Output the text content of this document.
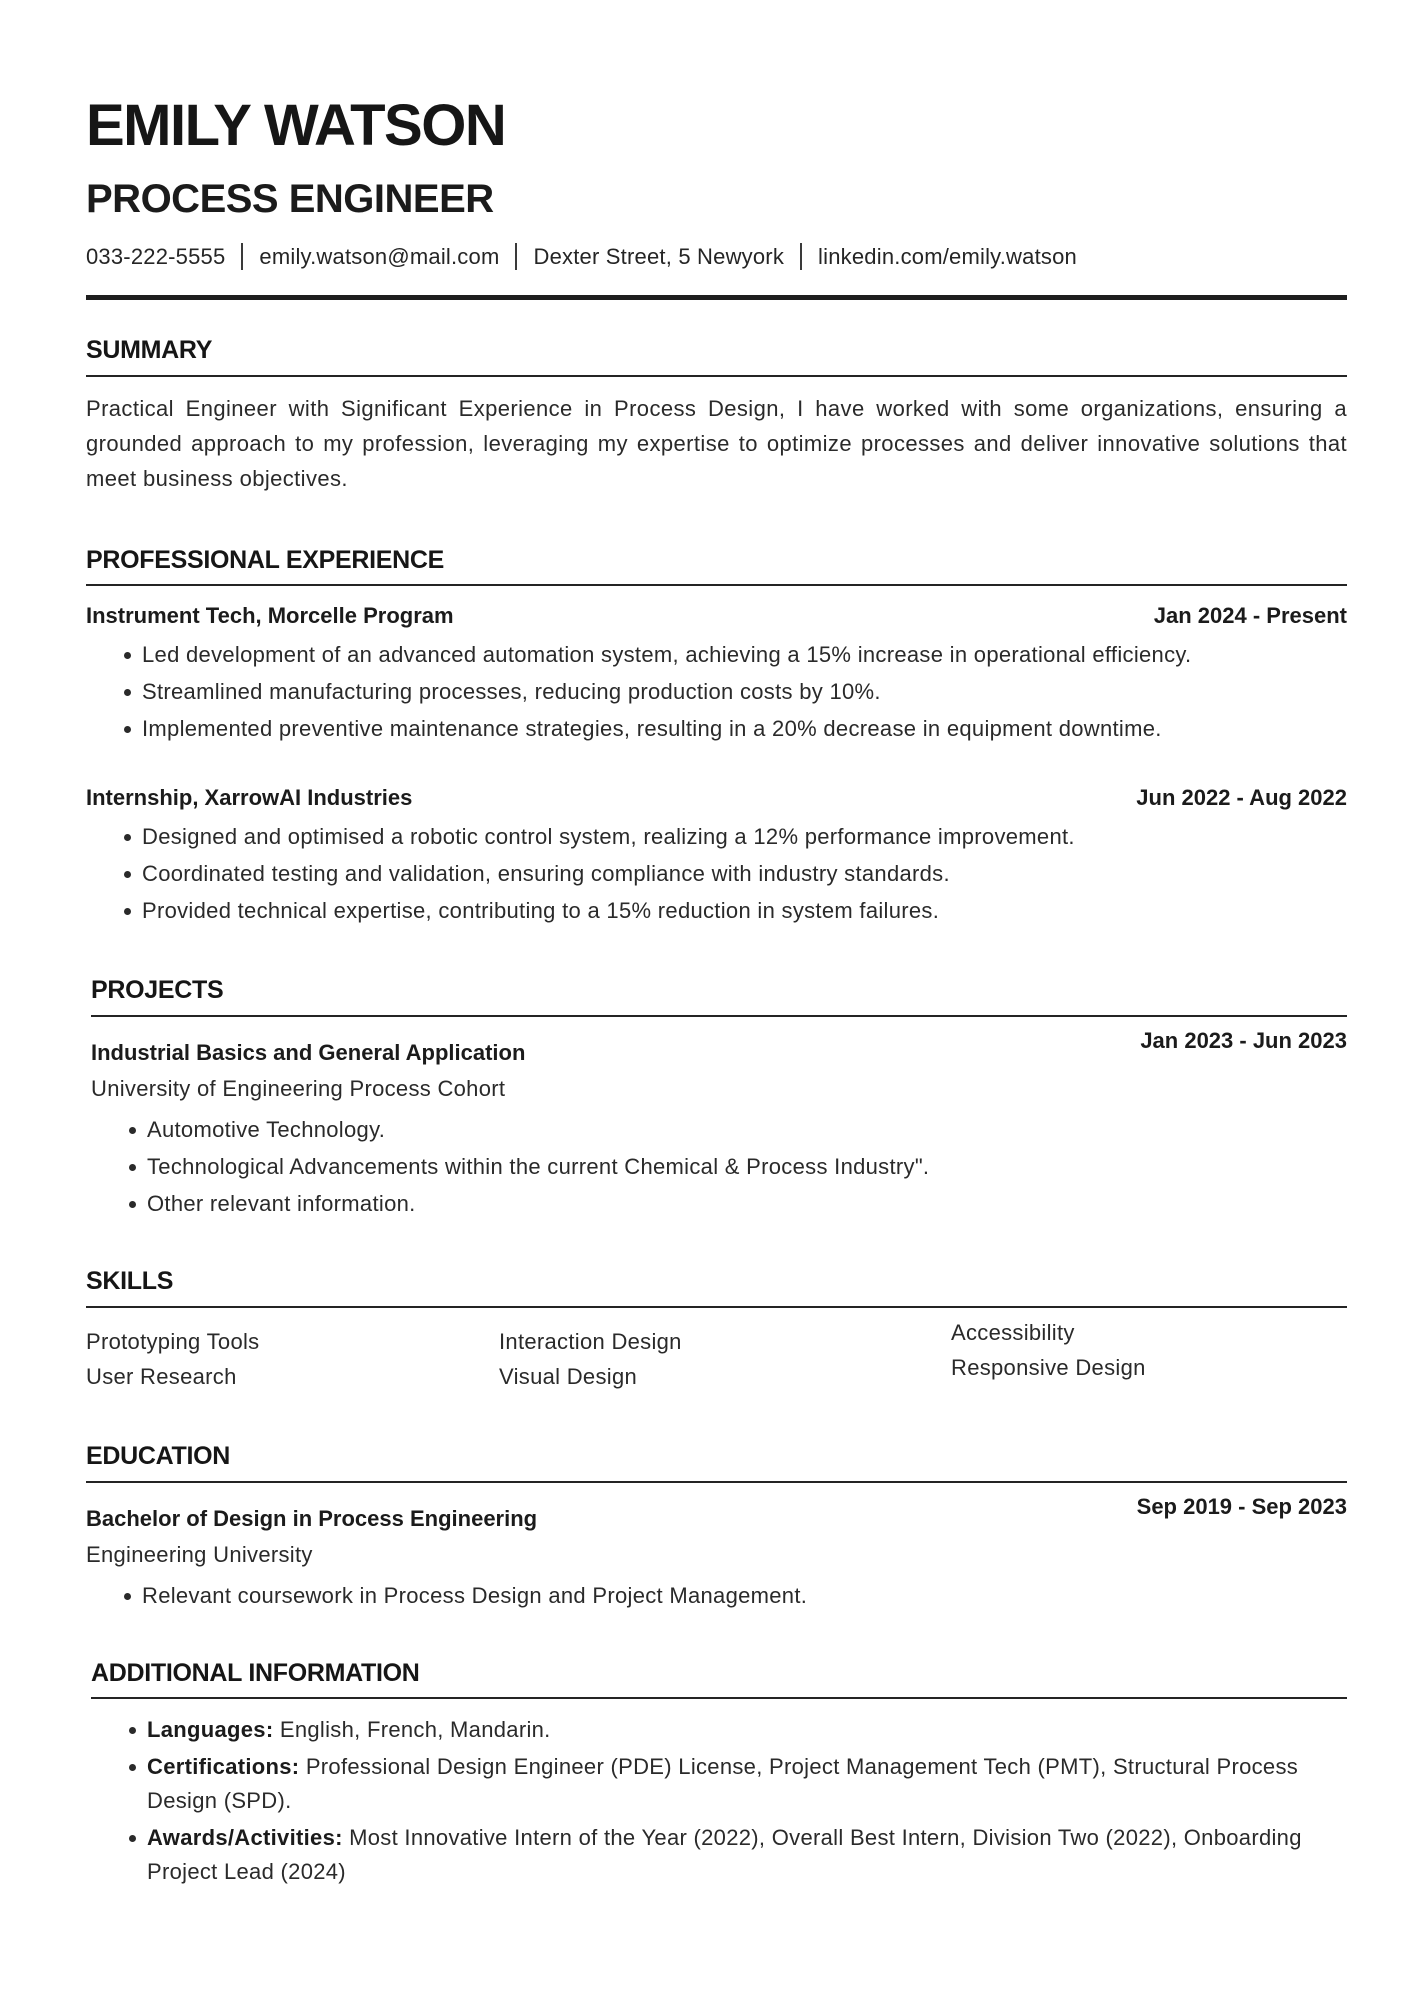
EMILY WATSON
PROCESS ENGINEER
033-222-5555 emily.watson@mail.com Dexter Street, 5 Newyork linkedin.com/emily.watson
SUMMARY

Practical Engineer with Significant Experience in Process Design, I have worked with some organizations, ensuring a grounded approach to my profession, leveraging my expertise to optimize processes and deliver innovative solutions that meet business objectives.

PROFESSIONAL EXPERIENCE
Instrument Tech, Morcelle Program	Jan 2024 - Present
Led development of an advanced automation system, achieving a 15% increase in operational efficiency.
Streamlined manufacturing processes, reducing production costs by 10%.
Implemented preventive maintenance strategies, resulting in a 20% decrease in equipment downtime.
Internship, XarrowAI Industries	Jun 2022 - Aug 2022
Designed and optimised a robotic control system, realizing a 12% performance improvement.
Coordinated testing and validation, ensuring compliance with industry standards.
Provided technical expertise, contributing to a 15% reduction in system failures.
PROJECTS
Jan 2023 - Jun 2023
Industrial Basics and General Application
University of Engineering Process Cohort
Automotive Technology.
Technological Advancements within the current Chemical & Process Industry".
Other relevant information.
SKILLS
Prototyping Tools
User Research
Interaction Design
Visual Design
Accessibility
Responsive Design
EDUCATION
Sep 2019 - Sep 2023
Bachelor of Design in Process Engineering
Engineering University
Relevant coursework in Process Design and Project Management.
ADDITIONAL INFORMATION
Languages: English, French, Mandarin.
Certifications: Professional Design Engineer (PDE) License, Project Management Tech (PMT), Structural Process Design (SPD).
Awards/Activities: Most Innovative Intern of the Year (2022), Overall Best Intern, Division Two (2022), Onboarding Project Lead (2024)
